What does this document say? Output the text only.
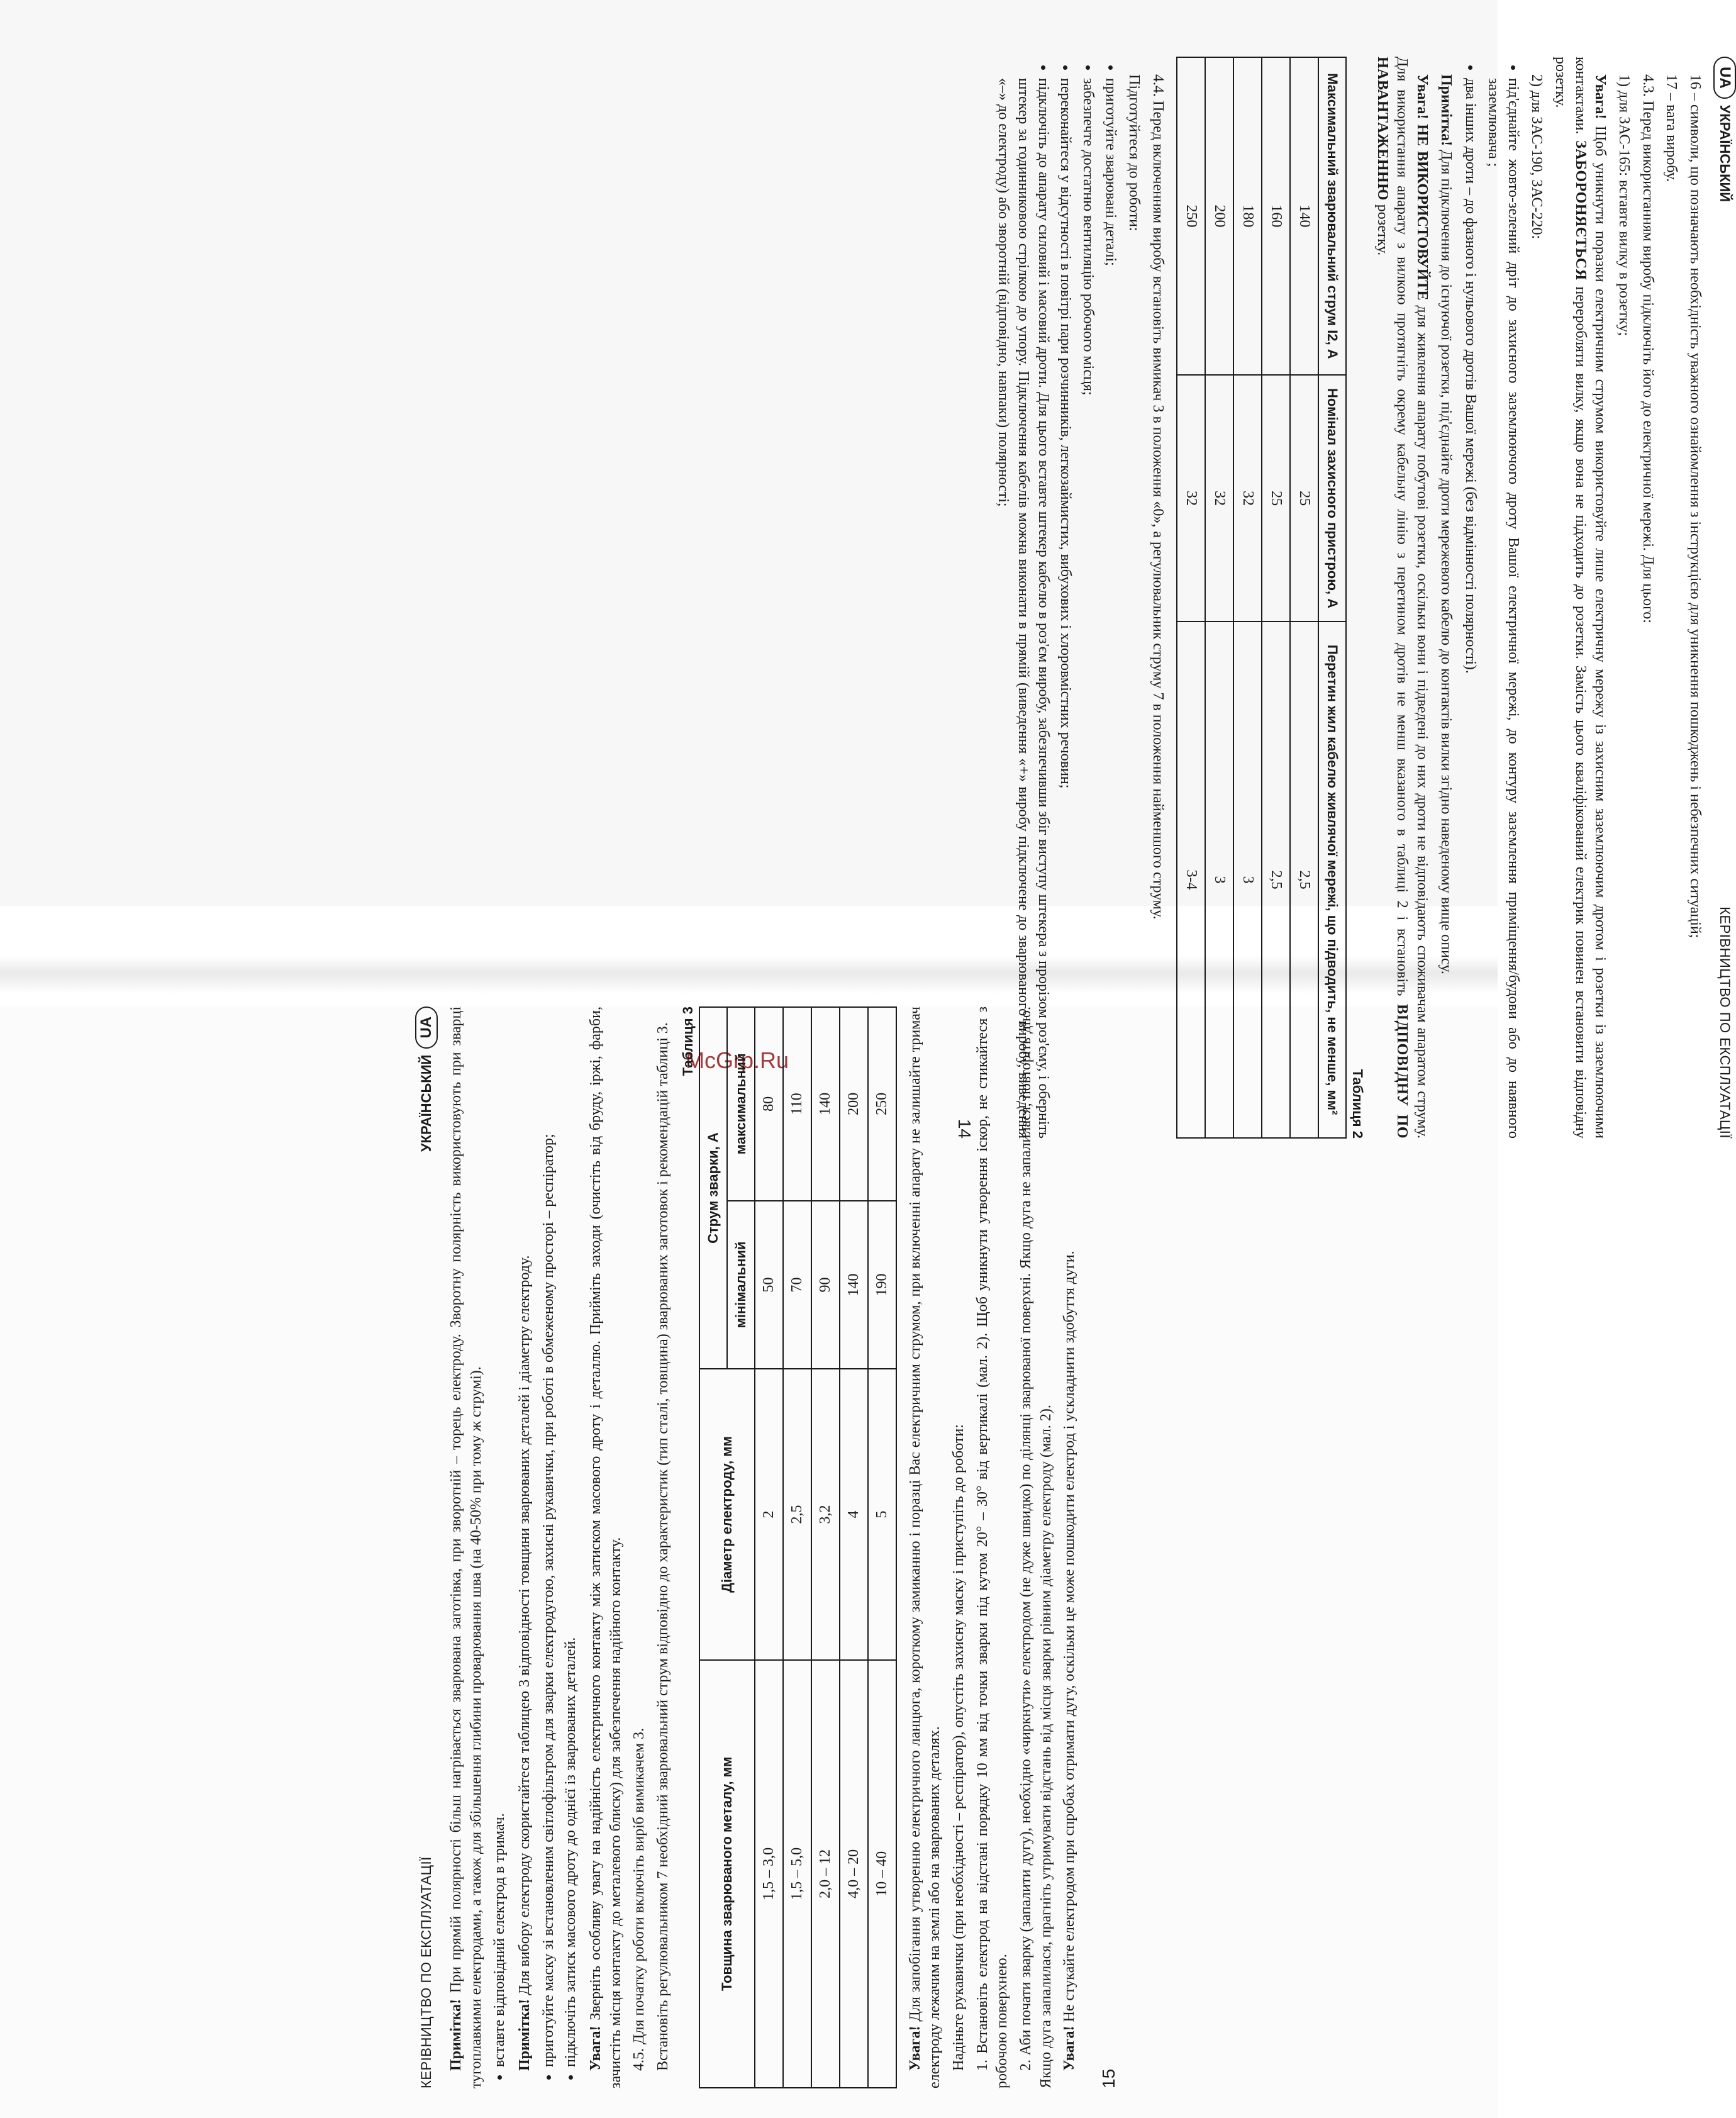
McGrp.Ru
UA
УКРАЇНСЬКИЙ
КЕРІВНИЦТВО ПО ЕКСПЛУАТАЦІЇ

16 – символи, що позначають необхідність уважного ознайомлення з інструкцією для уникнення пошкоджень і небезпечних ситуацій;

17 – вага виробу.

4.3. Перед використанням виробу підключіть його до електричної мережі. Для цього:

1) для ЗАС-165: вставте вилку в розетку;

Увага! Щоб уникнути поразки електричним струмом використовуйте лише електричну мережу із захисним заземлюючим дротом і розетки із заземлюючими контактами. ЗАБОРОНЯЄТЬСЯ переробляти вилку, якщо вона не підходить до розетки. Замість цього кваліфікований електрик повинен встановити відповідну розетку.

2) для ЗАС-190, ЗАС-220:

• під'єднайте жовто-зелений дріт до захисного заземлюючого дроту Вашої електричної мережі, до контуру заземлення приміщення/будови або до наявного заземлювача ;
• два інших дроти – до фазного і нульового дротів Вашої мережі (без відмінності полярності).

Примітка! Для підключення до існуючої розетки, під'єднайте дроти мережевого кабелю до контактів вилки згідно наведеному вище опису.

Увага! НЕ ВИКОРИСТОВУЙТЕ для живлення апарату побутові розетки, оскільки вони і підведені до них дроти не відповідають споживачам апаратом струму. Для використання апарату з вилкою протягніть окрему кабельну лінію з перетином дротів не менш вказаного в таблиці 2 і встановіть ВІДПОВІДНУ ПО НАВАНТАЖЕННЮ розетку.

Таблиця 2
Максимальний зварювальний струм I2, А	Номінал захисного пристрою, А	Перетин жил кабелю живлячої мережі, що підводить, не менше, мм²
140	25	2,5
160	25	2,5
180	32	3
200	32	3
250	32	3-4

4.4. Перед включенням виробу встановіть вимикач 3 в положення «0», а регулювальник струму 7 в положення найменшого струму.

Підготуйтеся до роботи:

• приготуйте зварювані деталі;
• забезпечте достатню вентиляцію робочого місця;
• переконайтеся у відсутності в повітрі пари розчинників, легкозаймистих, вибухових і хлоровмістних речовин;
• підключіть до апарату силовий і масовий дроти. Для цього вставте штекер кабелю в роз'єм виробу, забезпечивши збіг виступу штекера з прорізом роз'єму, і оберніть штекер за годинниковою стрілкою до упору. Підключення кабелів можна виконати в прямій (виведення «+» виробу підключене до зварюваного виробу, виведення «–» до електроду) або зворотній (відповідно, навпаки) полярності;
14
КЕРІВНИЦТВО ПО ЕКСПЛУАТАЦІЇ
УКРАЇНСЬКИЙ
UA

Примітка! При прямій полярності більш нагрівається зварювана заготівка, при зворотній – торець електроду. Зворотну полярність використовують при зварці тугоплавкими електродами, а також для збільшення глибини проварювання шва (на 40-50% при тому ж струмі). • вставте відповідний електрод в тримач. Примітка! Для вибору електроду скористайтеся таблицею 3 відповідності товщини зварюваних деталей і діаметру електроду. • приготуйте маску зі встановленим світлофільтром для зварки електродугою, захисні рукавички, при роботі в обмеженому просторі – респіратор; • підключіть затиск масового дроту до однієї із зварюваних деталей. Увага! Зверніть особливу увагу на надійність електричного контакту між затиском масового дроту і деталлю. Прийміть заходи (очистіть від бруду, іржі, фарби, зачистіть місця контакту до металевого блиску) для забезпечення надійного контакту. 4.5. Для початку роботи включіть виріб вимикачем 3. Встановіть регулювальником 7 необхідний зварювальний струм відповідно до характеристик (тип сталі, товщина) зварюваних заготовок і рекомендацій таблиці 3. Таблиця 3
Товщина зварюваного металу, мм	Діаметр електроду, мм	Струм зварки, А	
		мінімальний	максимальний
1,5 – 3,0	2	50	80
1,5 – 5,0	2,5	70	110
2,0 – 12	3,2	90	140
4,0 – 20	4	140	200
10 – 40	5	190	250

Увага! Для запобігання утворенню електричного ланцюга, короткому замиканню і поразці Вас електричним струмом, при включенні апарату не залишайте тримач електроду лежачим на землі або на зварюваних деталях. Надіньте рукавички (при необхідності – респіратор), опустіть захисну маску і приступіть до роботи: 1. Встановіть електрод на відстані порядку 10 мм від точки зварки під кутом 20° – 30° від вертикалі (мал. 2). Щоб уникнути утворення іскор, не стикайтеся з робочою поверхнею. 2. Аби почати зварку (запалити дугу), необхідно «чиркнути» електродом (не дуже швидко) по ділянці зварюваної поверхні. Якщо дуга не запалилася, повторіть дію. Якщо дуга запалилася, прагніть утримувати відстань від місця зварки рівним діаметру електроду (мал. 2). Увага! Не стукайте електродом при спробах отримати дугу, оскільки це може пошкодити електрод і ускладнити здобуття дуги.

15
